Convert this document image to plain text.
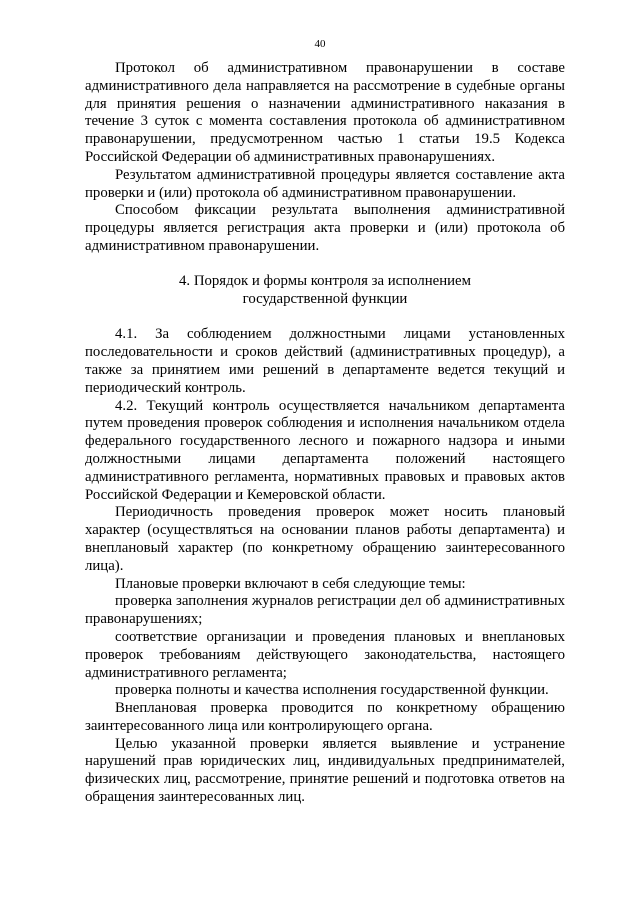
40

Протокол об административном правонарушении в составе административного дела направляется на рассмотрение в судебные органы для принятия решения о назначении административного наказания в течение 3 суток с момента составления протокола об административном правонарушении, предусмотренном частью 1 статьи 19.5 Кодекса Российской Федерации об административных правонарушениях.

Результатом административной процедуры является составление акта проверки и (или) протокола об административном правонарушении.

Способом фиксации результата выполнения административной процедуры является регистрация акта проверки и (или) протокола об административном правонарушении.

4. Порядок и формы контроля за исполнением

государственной функции

4.1. За соблюдением должностными лицами установленных последовательности и сроков действий (административных процедур), а также за принятием ими решений в департаменте ведется текущий и периодический контроль.

4.2. Текущий контроль осуществляется начальником департамента путем проведения проверок соблюдения и исполнения начальником отдела федерального государственного лесного и пожарного надзора и иными должностными лицами департамента положений настоящего административного регламента, нормативных правовых и правовых актов Российской Федерации и Кемеровской области.

Периодичность проведения проверок может носить плановый характер (осуществляться на основании планов работы департамента) и внеплановый характер (по конкретному обращению заинтересованного лица).

Плановые проверки включают в себя следующие темы:

проверка заполнения журналов регистрации дел об административных правонарушениях;

соответствие организации и проведения плановых и внеплановых проверок требованиям действующего законодательства, настоящего административного регламента;

проверка полноты и качества исполнения государственной функции.

Внеплановая проверка проводится по конкретному обращению заинтересованного лица или контролирующего органа.

Целью указанной проверки является выявление и устранение нарушений прав юридических лиц, индивидуальных предпринимателей, физических лиц, рассмотрение, принятие решений и подготовка ответов на обращения заинтересованных лиц.
